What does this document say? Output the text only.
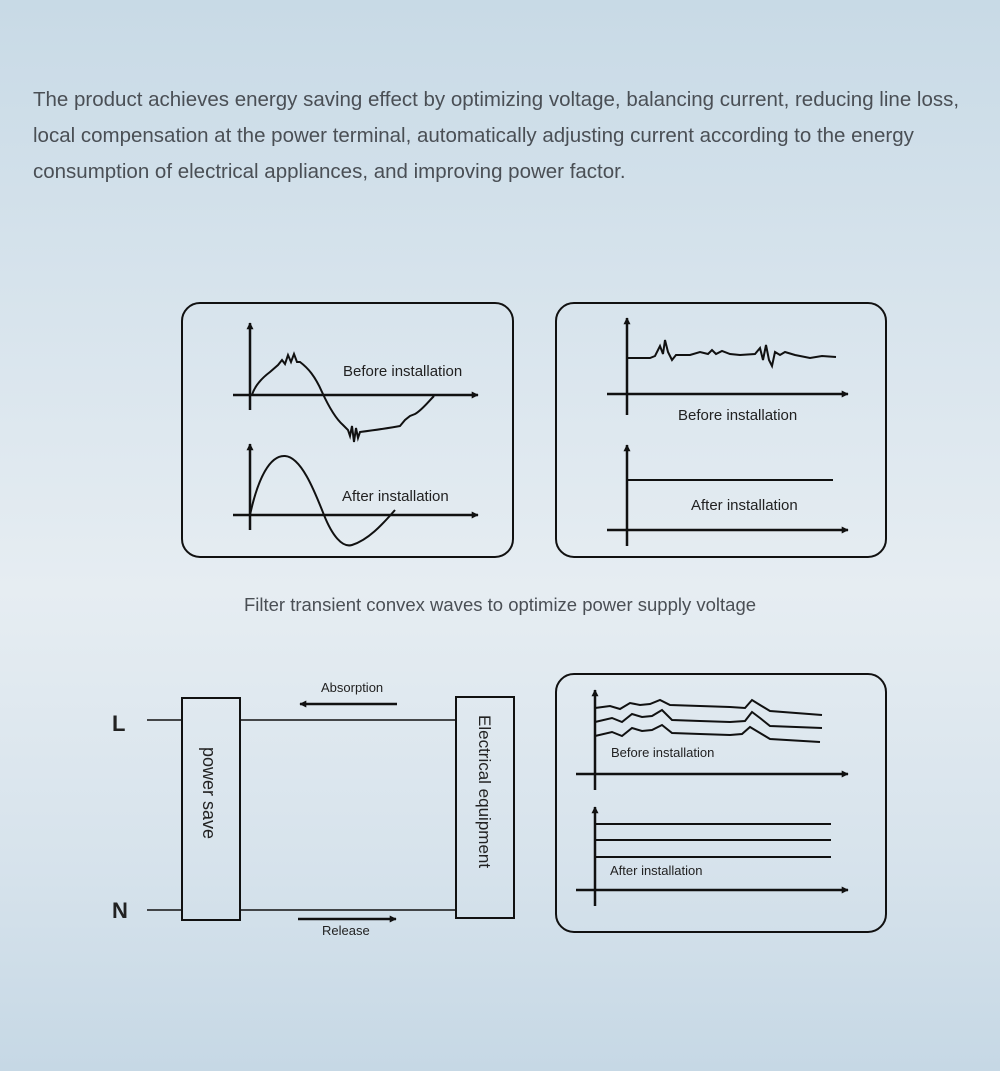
The product achieves energy saving effect by optimizing voltage, balancing current, reducing line loss, local compensation at the power terminal, automatically adjusting current according to the energy consumption of electrical appliances, and improving power factor.

Before installation
After installation
Before installation
After installation
L
N
power save	Electrical equipment
Absorption
Release
Before installation
After installation
Filter transient convex waves to optimize power supply voltage
